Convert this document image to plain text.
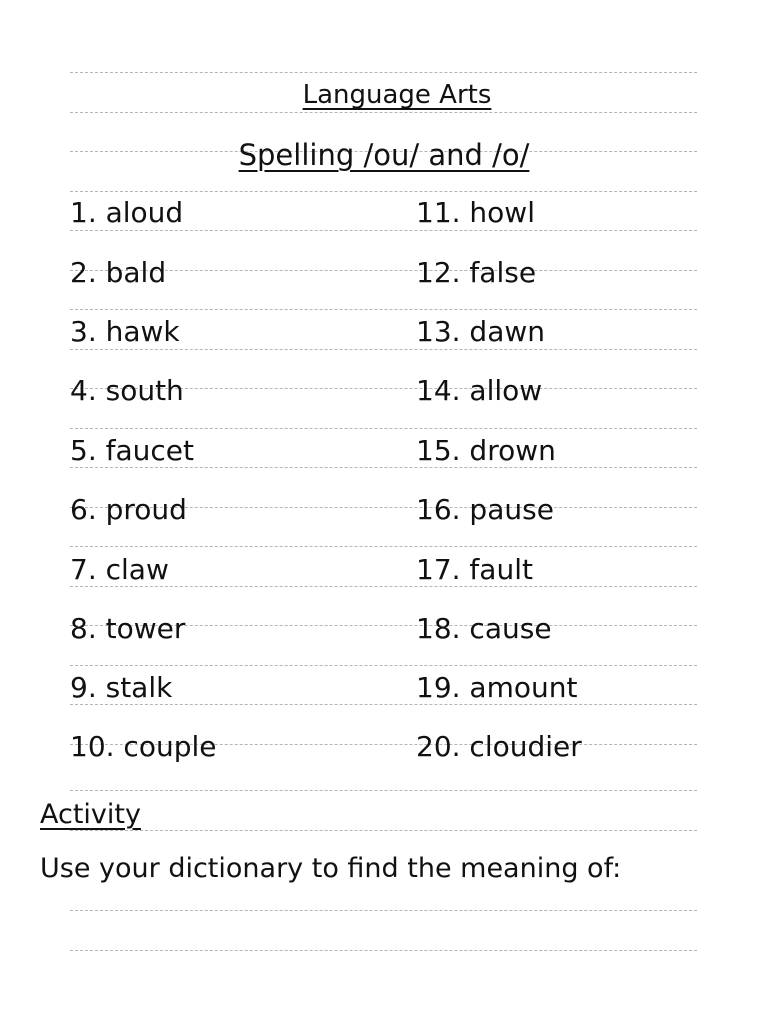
Language Arts
Spelling /ou/ and /o/
1. aloud
2. bald
3. hawk
4. south
5. faucet
6. proud
7. claw
8. tower
9. stalk
10. couple
11. howl
12. false
13. dawn
14. allow
15. drown
16. pause
17. fault
18. cause
19. amount
20. cloudier
Activity
Use your dictionary to find the meaning of:
